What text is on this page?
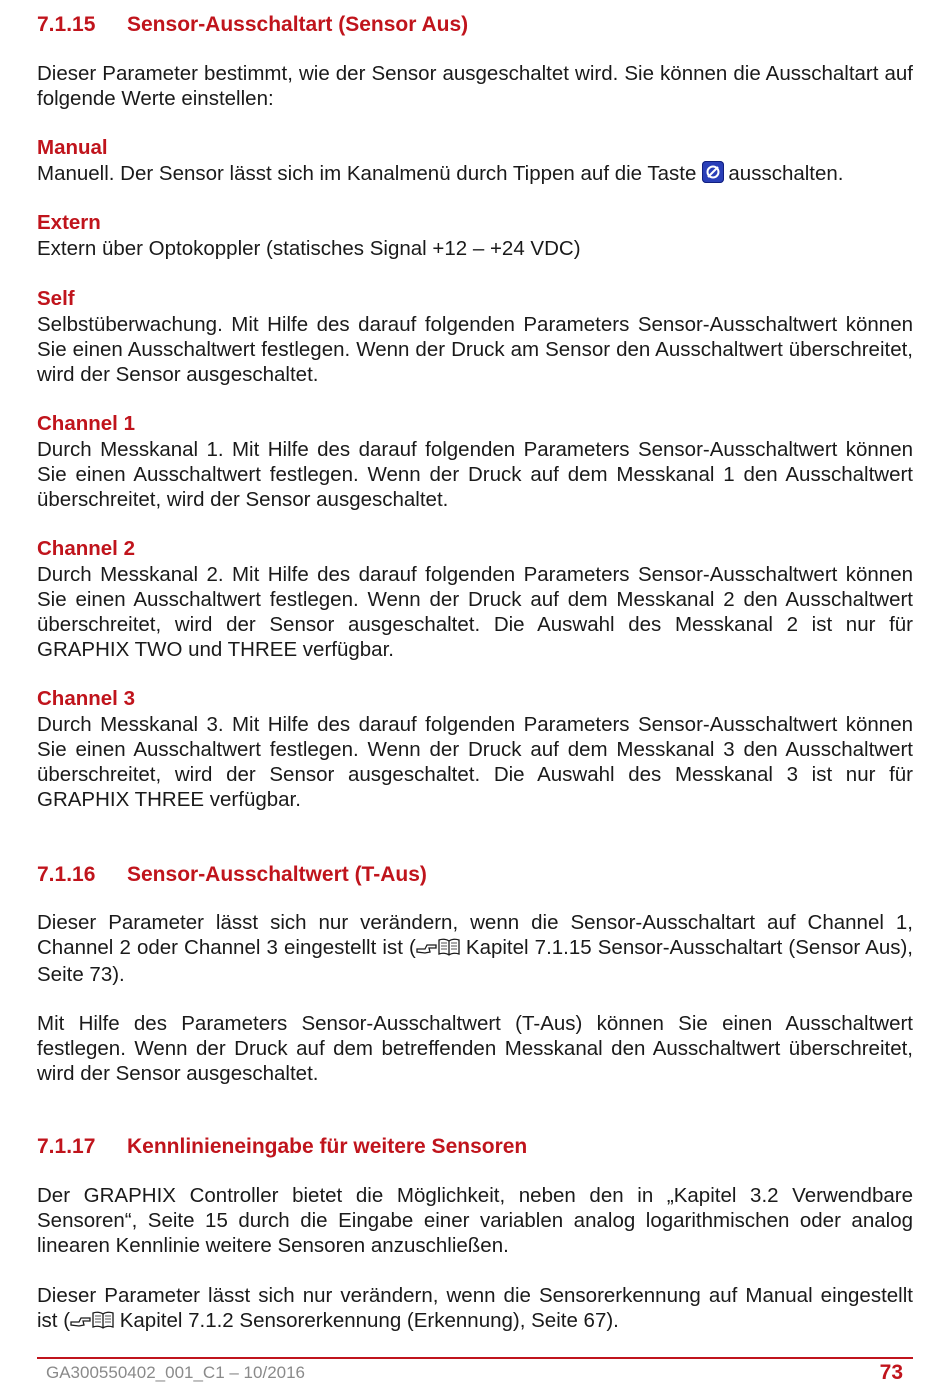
7.1.15 Sensor-Ausschaltart (Sensor Aus)
Dieser Parameter bestimmt, wie der Sensor ausgeschaltet wird. Sie können die Ausschaltart auf folgende Werte einstellen:
Manual
Manuell. Der Sensor lässt sich im Kanalmenü durch Tippen auf die Taste ausschalten.
Extern
Extern über Optokoppler (statisches Signal +12 – +24 VDC)
Self
Selbstüberwachung. Mit Hilfe des darauf folgenden Parameters Sensor-Ausschaltwert können Sie einen Ausschaltwert festlegen. Wenn der Druck am Sensor den Ausschaltwert überschreitet, wird der Sensor ausgeschaltet.
Channel 1
Durch Messkanal 1. Mit Hilfe des darauf folgenden Parameters Sensor-Ausschaltwert können Sie einen Ausschaltwert festlegen. Wenn der Druck auf dem Messkanal 1 den Ausschaltwert überschreitet, wird der Sensor ausgeschaltet.
Channel 2
Durch Messkanal 2. Mit Hilfe des darauf folgenden Parameters Sensor-Ausschaltwert können Sie einen Ausschaltwert festlegen. Wenn der Druck auf dem Messkanal 2 den Ausschaltwert überschreitet, wird der Sensor ausgeschaltet. Die Auswahl des Messkanal 2 ist nur für GRAPHIX TWO und THREE verfügbar.
Channel 3
Durch Messkanal 3. Mit Hilfe des darauf folgenden Parameters Sensor-Ausschaltwert können Sie einen Ausschaltwert festlegen. Wenn der Druck auf dem Messkanal 3 den Ausschaltwert überschreitet, wird der Sensor ausgeschaltet. Die Auswahl des Messkanal 3 ist nur für GRAPHIX THREE verfügbar.
7.1.16 Sensor-Ausschaltwert (T-Aus)
Dieser Parameter lässt sich nur verändern, wenn die Sensor-Ausschaltart auf Channel 1, Channel 2 oder Channel 3 eingestellt ist ( Kapitel 7.1.15 Sensor-Ausschaltart (Sensor Aus), Seite 73).
Mit Hilfe des Parameters Sensor-Ausschaltwert (T-Aus) können Sie einen Ausschaltwert festlegen. Wenn der Druck auf dem betreffenden Messkanal den Ausschaltwert überschreitet, wird der Sensor ausgeschaltet.
7.1.17 Kennlinieneingabe für weitere Sensoren
Der GRAPHIX Controller bietet die Möglichkeit, neben den in „Kapitel 3.2 Verwendbare Sensoren“, Seite 15 durch die Eingabe einer variablen analog logarithmischen oder analog linearen Kennlinie weitere Sensoren anzuschließen.
Dieser Parameter lässt sich nur verändern, wenn die Sensorerkennung auf Manual eingestellt ist ( Kapitel 7.1.2 Sensorerkennung (Erkennung), Seite 67).
GA300550402_001_C1 – 10/2016	73
